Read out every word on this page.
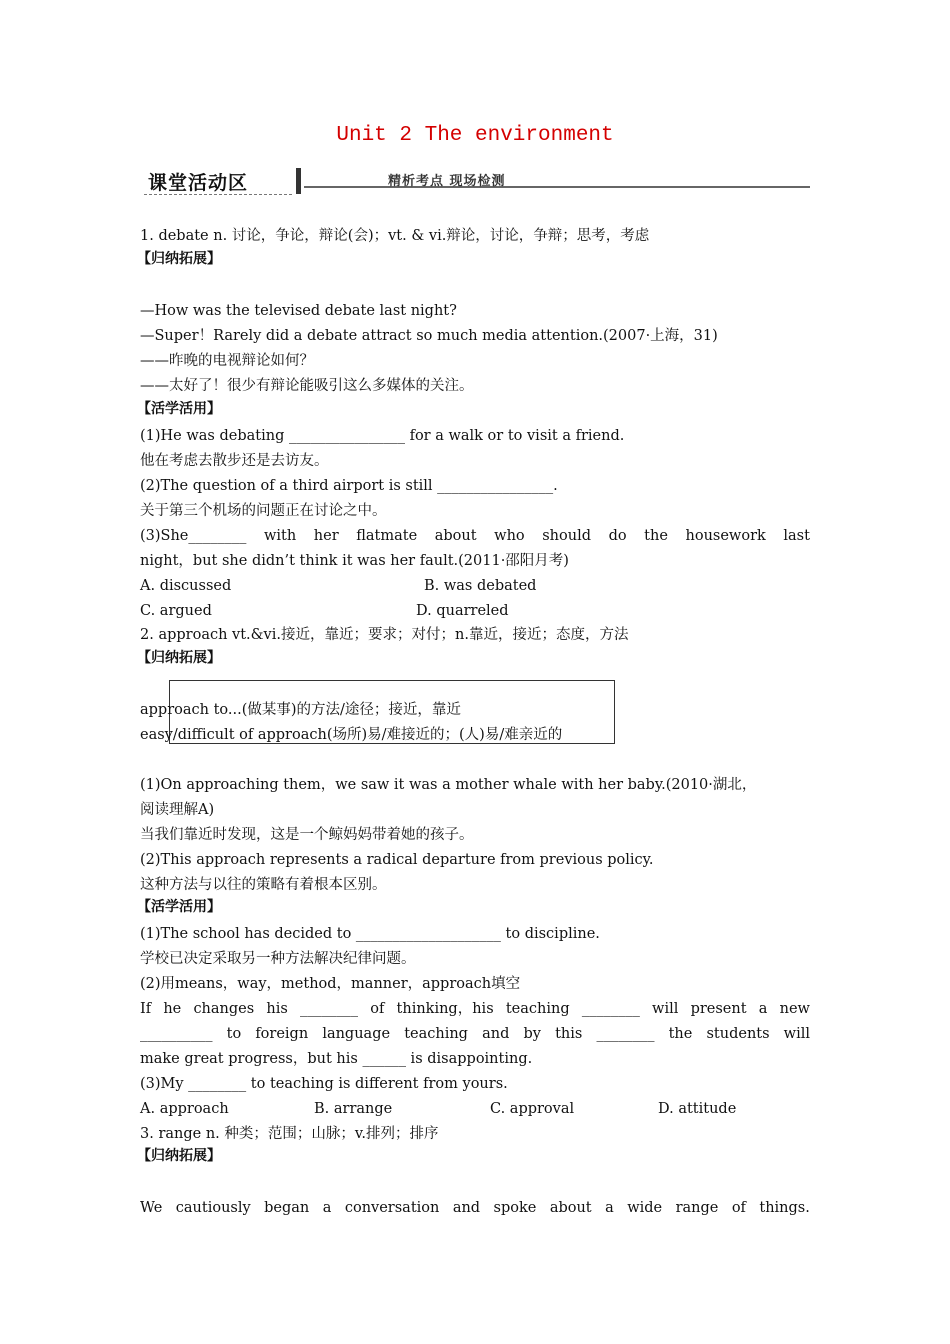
Unit 2 The environment
课堂活动区	精析考点 现场检测
1. debate n. 讨论，争论，辩论(会)；vt. & vi.辩论，讨论，争辩；思考，考虑
【归纳拓展】
—How was the televised debate last night?
—Super！Rarely did a debate attract so much media attention.(2007·上海，31)
——昨晚的电视辩论如何？
——太好了！很少有辩论能吸引这么多媒体的关注。
【活学活用】
(1)He was debating ________________ for a walk or to visit a friend.
他在考虑去散步还是去访友。
(2)The question of a third airport is still ________________.
关于第三个机场的问题正在讨论之中。
(3)She________ with her flatmate about who should do the housework last
night，but she didn’t think it was her fault.(2011·邵阳月考)
A. discussed	B. was debated
C. argued	D. quarreled
2. approach vt.&vi.接近，靠近；要求；对付；n.靠近，接近；态度，方法
【归纳拓展】
approach to...(做某事)的方法/途径；接近，靠近
easy/difficult of approach(场所)易/难接近的；(人)易/难亲近的
(1)On approaching them，we saw it was a mother whale with her baby.(2010·湖北，
阅读理解A)
当我们靠近时发现，这是一个鲸妈妈带着她的孩子。
(2)This approach represents a radical departure from previous policy.
这种方法与以往的策略有着根本区别。
【活学活用】
(1)The school has decided to ____________________ to discipline.
学校已决定采取另一种方法解决纪律问题。
(2)用means，way，method，manner，approach填空
If he changes his ________ of thinking，his teaching ________ will present a new
__________ to foreign language teaching and by this ________ the students will
make great progress，but his ______ is disappointing.
(3)My ________ to teaching is different from yours.
A. approach	B. arrange	C. approval	D. attitude
3. range n. 种类；范围；山脉；v.排列；排序
【归纳拓展】
We cautiously began a conversation and spoke about a wide range of things.
